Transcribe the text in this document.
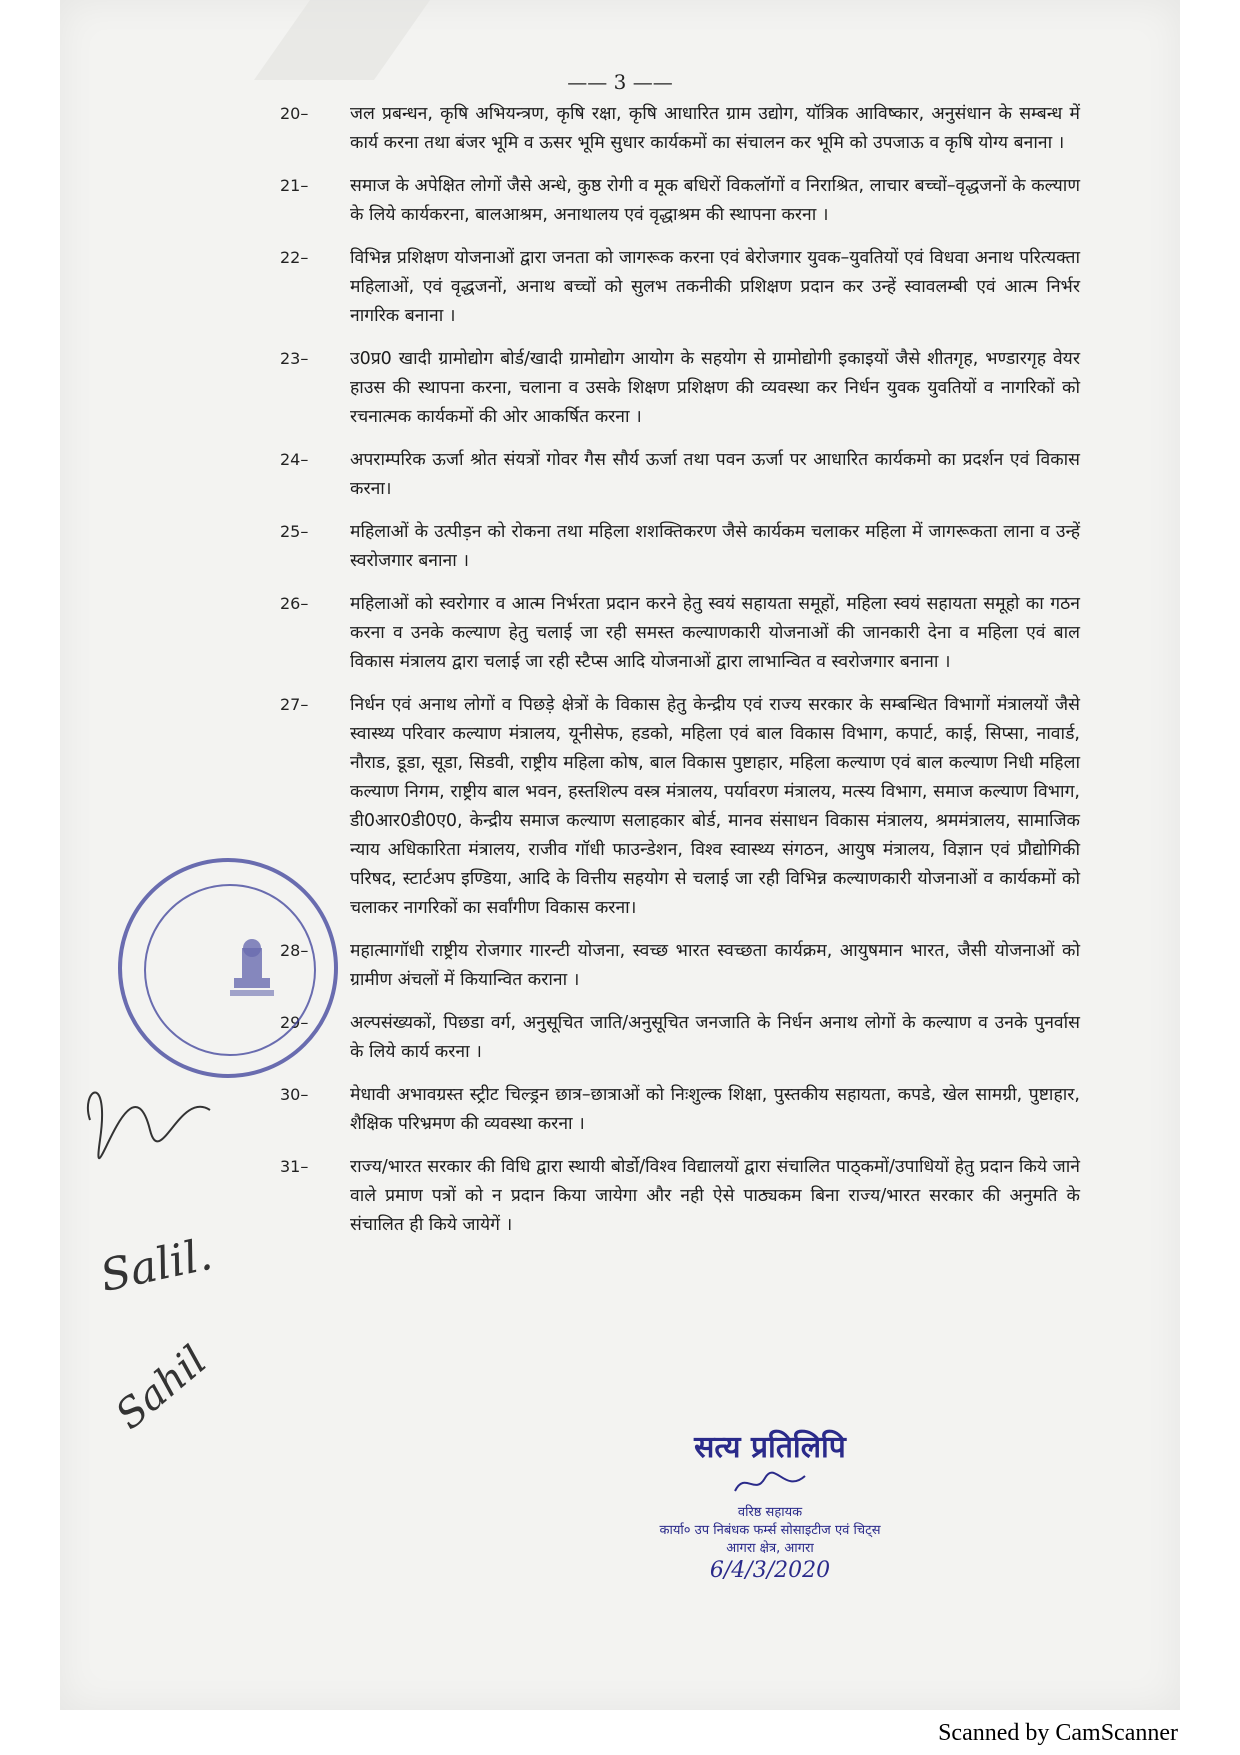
—— 3 ——
20–	जल प्रबन्धन, कृषि अभियन्त्रण, कृषि रक्षा, कृषि आधारित ग्राम उद्योग, यॉत्रिक आविष्कार, अनुसंधान के सम्बन्ध में कार्य करना तथा बंजर भूमि व ऊसर भूमि सुधार कार्यकमों का संचालन कर भूमि को उपजाऊ व कृषि योग्य बनाना ।
21–	समाज के अपेक्षित लोगों जैसे अन्धे, कुष्ठ रोगी व मूक बधिरों विकलॉगों व निराश्रित, लाचार बच्चों–वृद्धजनों के कल्याण के लिये कार्यकरना, बालआश्रम, अनाथालय एवं वृद्धाश्रम की स्थापना करना ।
22–	विभिन्न प्रशिक्षण योजनाओं द्वारा जनता को जागरूक करना एवं बेरोजगार युवक–युवतियों एवं विधवा अनाथ परित्यक्ता महिलाओं, एवं वृद्धजनों, अनाथ बच्चों को सुलभ तकनीकी प्रशिक्षण प्रदान कर उन्हें स्वावलम्बी एवं आत्म निर्भर नागरिक बनाना ।
23–	उ0प्र0 खादी ग्रामोद्योग बोर्ड/खादी ग्रामोद्योग आयोग के सहयोग से ग्रामोद्योगी इकाइयों जैसे शीतगृह, भण्डारगृह वेयर हाउस की स्थापना करना, चलाना व उसके शिक्षण प्रशिक्षण की व्यवस्था कर निर्धन युवक युवतियों व नागरिकों को रचनात्मक कार्यकमों की ओर आकर्षित करना ।
24–	अपराम्परिक ऊर्जा श्रोत संयत्रों गोवर गैस सौर्य ऊर्जा तथा पवन ऊर्जा पर आधारित कार्यकमो का प्रदर्शन एवं विकास करना।
25–	महिलाओं के उत्पीड़न को रोकना तथा महिला शशक्तिकरण जैसे कार्यकम चलाकर महिला में जागरूकता लाना व उन्हें स्वरोजगार बनाना ।
26–	महिलाओं को स्वरोगार व आत्म निर्भरता प्रदान करने हेतु स्वयं सहायता समूहों, महिला स्वयं सहायता समूहो का गठन करना व उनके कल्याण हेतु चलाई जा रही समस्त कल्याणकारी योजनाओं की जानकारी देना व महिला एवं बाल विकास मंत्रालय द्वारा चलाई जा रही स्टैप्स आदि योजनाओं द्वारा लाभान्वित व स्वरोजगार बनाना ।
27–	निर्धन एवं अनाथ लोगों व पिछड़े क्षेत्रों के विकास हेतु केन्द्रीय एवं राज्य सरकार के सम्बन्धित विभागों मंत्रालयों जैसे स्वास्थ्य परिवार कल्याण मंत्रालय, यूनीसेफ, हडको, महिला एवं बाल विकास विभाग, कपार्ट, काई, सिप्सा, नावार्ड, नौराड, डूडा, सूडा, सिडवी, राष्ट्रीय महिला कोष, बाल विकास पुष्टाहार, महिला कल्याण एवं बाल कल्याण निधी महिला कल्याण निगम, राष्ट्रीय बाल भवन, हस्तशिल्प वस्त्र मंत्रालय, पर्यावरण मंत्रालय, मत्स्य विभाग, समाज कल्याण विभाग, डी0आर0डी0ए0, केन्द्रीय समाज कल्याण सलाहकार बोर्ड, मानव संसाधन विकास मंत्रालय, श्रममंत्रालय, सामाजिक न्याय अधिकारिता मंत्रालय, राजीव गॉधी फाउन्डेशन, विश्व स्वास्थ्य संगठन, आयुष मंत्रालय, विज्ञान एवं प्रौद्योगिकी परिषद, स्टार्टअप इण्डिया, आदि के वित्तीय सहयोग से चलाई जा रही विभिन्न कल्याणकारी योजनाओं व कार्यकमों को चलाकर नागरिकों का सर्वांगीण विकास करना।
28–	महात्मागॉधी राष्ट्रीय रोजगार गारन्टी योजना, स्वच्छ भारत स्वच्छता कार्यक्रम, आयुषमान भारत, जैसी योजनाओं को ग्रामीण अंचलों में कियान्वित कराना ।
29–	अल्पसंख्यकों, पिछडा वर्ग, अनुसूचित जाति/अनुसूचित जनजाति के निर्धन अनाथ लोगों के कल्याण व उनके पुनर्वास के लिये कार्य करना ।
30–	मेधावी अभावग्रस्त स्ट्रीट चिल्ड्रन छात्र–छात्राओं को निःशुल्क शिक्षा, पुस्तकीय सहायता, कपडे, खेल सामग्री, पुष्टाहार, शैक्षिक परिभ्रमण की व्यवस्था करना ।
31–	राज्य/भारत सरकार की विधि द्वारा स्थायी बोर्डो/विश्व विद्यालयों द्वारा संचालित पाठ्कमों/उपाधियों हेतु प्रदान किये जाने वाले प्रमाण पत्रों को न प्रदान किया जायेगा और नही ऐसे पाठ्यकम बिना राज्य/भारत सरकार की अनुमति के संचालित ही किये जायेगें ।
Salil.
Sahil
सत्य प्रतिलिपि
वरिष्ठ सहायक
कार्या० उप निबंधक फर्म्स सोसाइटीज एवं चिट्स
आगरा क्षेत्र, आगरा
6/4/3/2020
Scanned by CamScanner
